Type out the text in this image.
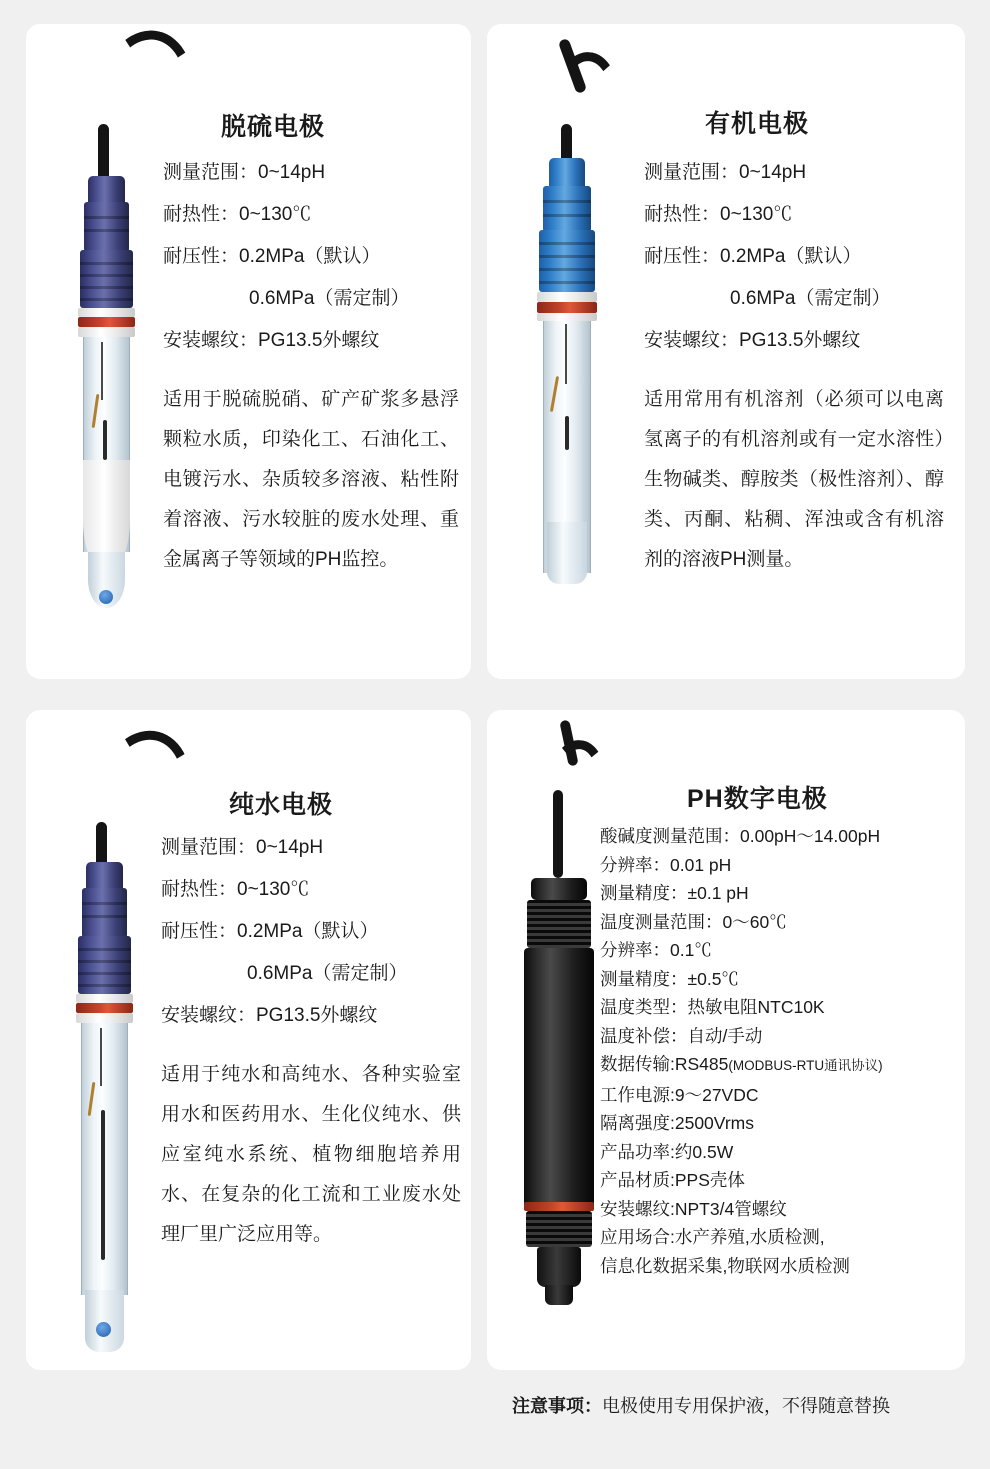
脱硫电极
测量范围：0~14pH
耐热性：0~130℃
耐压性：0.2MPa（默认）
0.6MPa（需定制）
安装螺纹：PG13.5外螺纹
适用于脱硫脱硝、矿产矿浆多悬浮颗粒水质，印染化工、石油化工、电镀污水、杂质较多溶液、粘性附着溶液、污水较脏的废水处理、重金属离子等领域的PH监控。
有机电极
测量范围：0~14pH
耐热性：0~130℃
耐压性：0.2MPa（默认）
0.6MPa（需定制）
安装螺纹：PG13.5外螺纹
适用常用有机溶剂（必须可以电离氢离子的有机溶剂或有一定水溶性）生物碱类、醇胺类（极性溶剂）、醇类、丙酮、粘稠、浑浊或含有机溶剂的溶液PH测量。
纯水电极
测量范围：0~14pH
耐热性：0~130℃
耐压性：0.2MPa（默认）
0.6MPa（需定制）
安装螺纹：PG13.5外螺纹
适用于纯水和高纯水、各种实验室用水和医药用水、生化仪纯水、供应室纯水系统、植物细胞培养用水、在复杂的化工流和工业废水处理厂里广泛应用等。
PH数字电极
酸碱度测量范围：0.00pH～14.00pH
分辨率：0.01 pH
测量精度：±0.1 pH
温度测量范围：0～60℃
分辨率：0.1℃
测量精度：±0.5℃
温度类型：热敏电阻NTC10K
温度补偿：自动/手动
数据传输:RS485(MODBUS-RTU通讯协议)
工作电源:9～27VDC
隔离强度:2500Vrms
产品功率:约0.5W
产品材质:PPS壳体
安装螺纹:NPT3/4管螺纹
应用场合:水产养殖,水质检测,
信息化数据采集,物联网水质检测
注意事项：电极使用专用保护液，不得随意替换
